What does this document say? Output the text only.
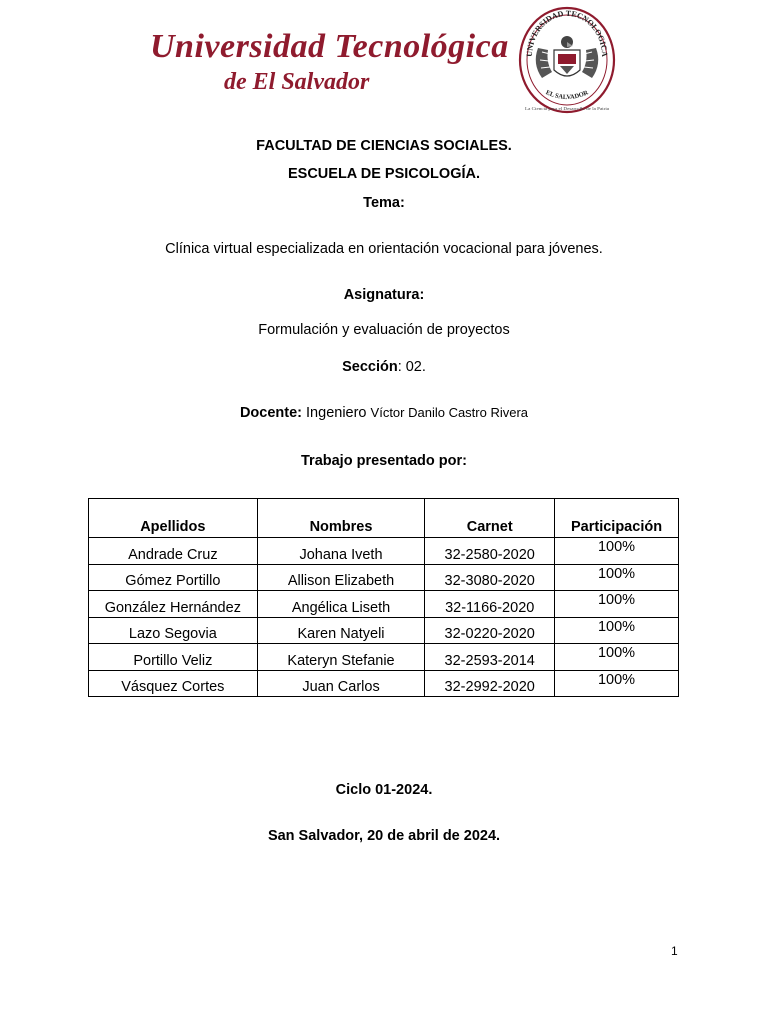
Universidad Tecnológica
de El Salvador
UNIVERSIDAD TECNOLOGICA
EL SALVADOR
La Ciencia para el Desarrollo de la Patria
FACULTAD DE CIENCIAS SOCIALES.
ESCUELA DE PSICOLOGÍA.
Tema:
Clínica virtual especializada en orientación vocacional para jóvenes.
Asignatura:
Formulación y evaluación de proyectos
Sección: 02.
Docente: Ingeniero Víctor Danilo Castro Rivera
Trabajo presentado por:
Apellidos	Nombres	Carnet	Participación
Andrade Cruz	Johana Iveth	32-2580-2020	100%
Gómez Portillo	Allison Elizabeth	32-3080-2020	100%
González Hernández	Angélica Liseth	32-1166-2020	100%
Lazo Segovia	Karen Natyeli	32-0220-2020	100%
Portillo Veliz	Kateryn Stefanie	32-2593-2014	100%
Vásquez Cortes	Juan Carlos	32-2992-2020	100%
Ciclo 01-2024.
San Salvador, 20 de abril de 2024.
1
